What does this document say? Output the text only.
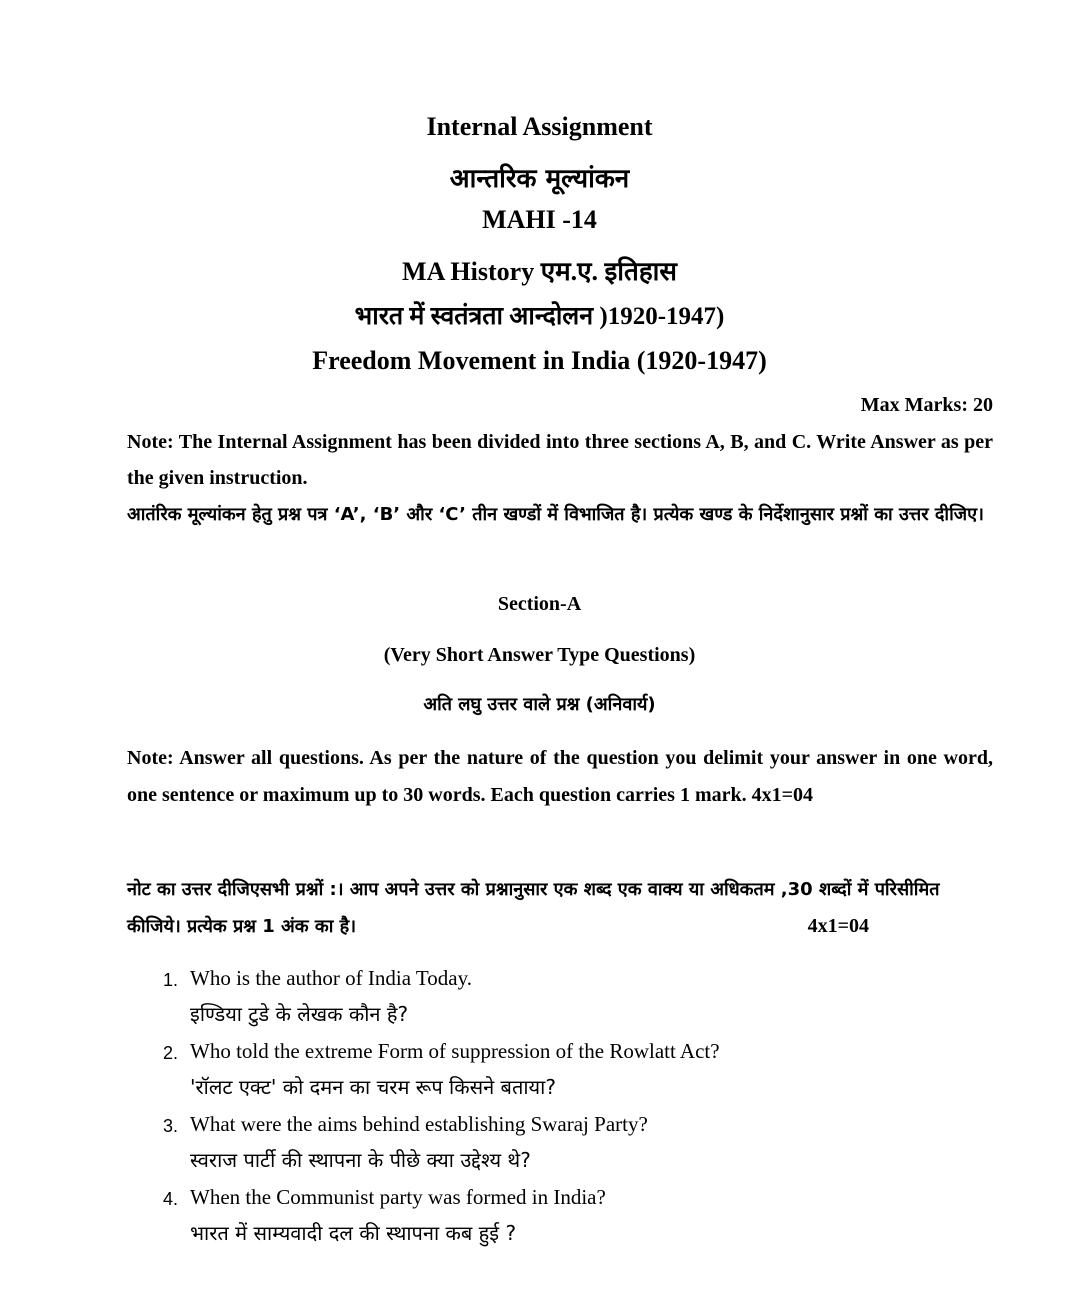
Internal Assignment
आन्तरिक मूल्यांकन
MAHI -14
MA History एम.ए. इतिहास
भारत में स्वतंत्रता आन्दोलन )1920-1947)
Freedom Movement in India (1920-1947)
Max Marks: 20
Note: The Internal Assignment has been divided into three sections A, B, and C. Write Answer as per the given instruction.
आतंरिक मूल्यांकन हेतु प्रश्न पत्र ‘A’, ‘B’ और ‘C’ तीन खण्डों में विभाजित है। प्रत्येक खण्ड के निर्देशानुसार प्रश्नों का उत्तर दीजिए।
Section-A
(Very Short Answer Type Questions)
अति लघु उत्तर वाले प्रश्न (अनिवार्य)
Note: Answer all questions. As per the nature of the question you delimit your answer in one word, one sentence or maximum up to 30 words. Each question carries 1 mark. 4x1=04
नोट का उत्तर दीजिएसभी प्रश्नों :। आप अपने उत्तर को प्रश्नानुसार एक शब्द एक वाक्य या अधिकतम ,30 शब्दों में परिसीमित कीजिये। प्रत्येक प्रश्न 1 अंक का है।	4x1=04
1. Who is the author of India Today.
इण्डिया टुडे के लेखक कौन है?
2. Who told the extreme Form of suppression of the Rowlatt Act?
'रॉलट एक्ट' को दमन का चरम रूप किसने बताया?
3. What were the aims behind establishing Swaraj Party?
स्वराज पार्टी की स्थापना के पीछे क्या उद्देश्य थे?
4. When the Communist party was formed in India?
भारत में साम्यवादी दल की स्थापना कब हुई ?
